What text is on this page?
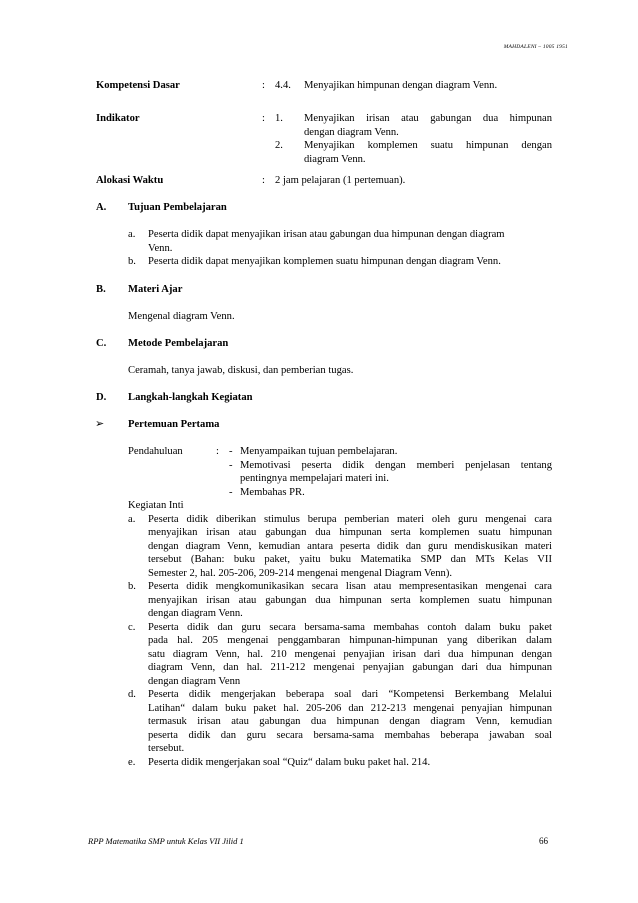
MAHDALENI – 1005 1951
RPP Matematika SMP untuk Kelas VII Jilid 1	66
Kompetensi Dasar	: 4.4. Menyajikan himpunan dengan diagram Venn.
Indikator	: 1. Menyajikan irisan atau gabungan dua himpunan
dengan diagram Venn.
2. Menyajikan komplemen suatu himpunan dengan
diagram Venn.
Alokasi Waktu	: 2 jam pelajaran (1 pertemuan).
A. Tujuan Pembelajaran
a. Peserta didik dapat menyajikan irisan atau gabungan dua himpunan dengan diagram
Venn.
b. Peserta didik dapat menyajikan komplemen suatu himpunan dengan diagram Venn.
B. Materi Ajar
Mengenal diagram Venn.
C. Metode Pembelajaran
Ceramah, tanya jawab, diskusi, dan pemberian tugas.
D. Langkah-langkah Kegiatan
➢ Pertemuan Pertama
Pendahuluan	: - Menyampaikan tujuan pembelajaran.
- Memotivasi peserta didik dengan memberi penjelasan tentang
pentingnya mempelajari materi ini.
- Membahas PR.
Kegiatan Inti
a. Peserta didik diberikan stimulus berupa pemberian materi oleh guru mengenai cara
menyajikan irisan atau gabungan dua himpunan serta komplemen suatu himpunan
dengan diagram Venn, kemudian antara peserta didik dan guru mendiskusikan materi
tersebut (Bahan: buku paket, yaitu buku Matematika SMP dan MTs Kelas VII
Semester 2, hal. 205-206, 209-214 mengenai mengenal Diagram Venn).
b. Peserta didik mengkomunikasikan secara lisan atau mempresentasikan mengenai cara
menyajikan irisan atau gabungan dua himpunan serta komplemen suatu himpunan
dengan diagram Venn.
c. Peserta didik dan guru secara bersama-sama membahas contoh dalam buku paket
pada hal. 205 mengenai penggambaran himpunan-himpunan yang diberikan dalam
satu diagram Venn, hal. 210 mengenai penyajian irisan dari dua himpunan dengan
diagram Venn, dan hal. 211-212 mengenai penyajian gabungan dari dua himpunan
dengan diagram Venn
d. Peserta didik mengerjakan beberapa soal dari “Kompetensi Berkembang Melalui
Latihan“ dalam buku paket hal. 205-206 dan 212-213 mengenai penyajian himpunan
termasuk irisan atau gabungan dua himpunan dengan diagram Venn, kemudian
peserta didik dan guru secara bersama-sama membahas beberapa jawaban soal
tersebut.
e. Peserta didik mengerjakan soal “Quiz“ dalam buku paket hal. 214.
